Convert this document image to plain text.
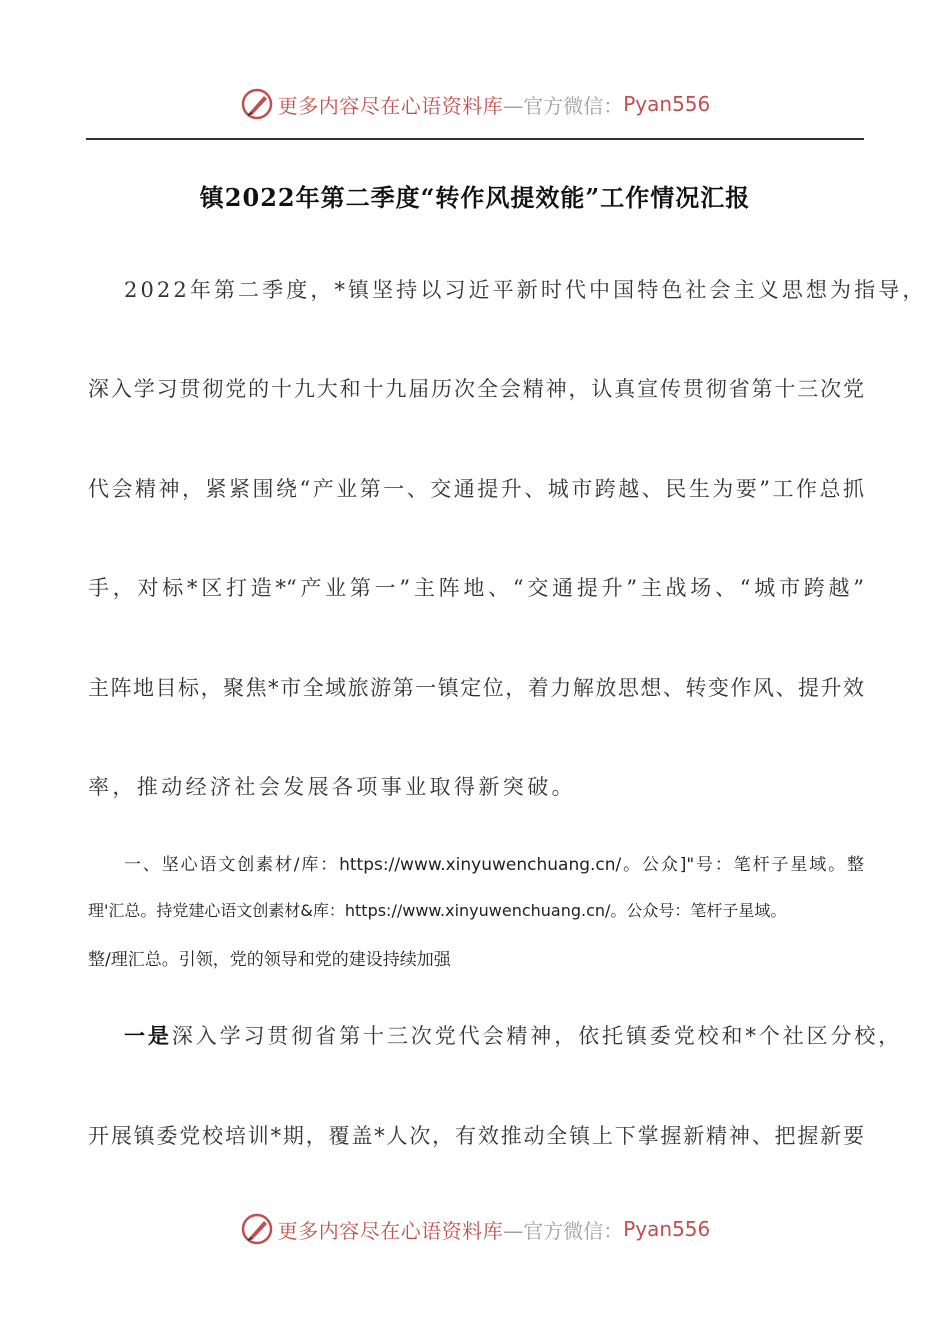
更多内容尽在心语资料库 —官方微信： Pyan556
镇2022年第二季度“转作风提效能”工作情况汇报
2022年第二季度，*镇坚持以习近平新时代中国特色社会主义思想为指导，
深入学习贯彻党的十九大和十九届历次全会精神，认真宣传贯彻省第十三次党
代会精神，紧紧围绕“产业第一、交通提升、城市跨越、民生为要”工作总抓
手，对标*区打造*“产业第一”主阵地、“交通提升”主战场、“城市跨越”
主阵地目标，聚焦*市全域旅游第一镇定位，着力解放思想、转变作风、提升效
率，推动经济社会发展各项事业取得新突破。
一、坚心语文创素材/库：https://www.xinyuwenchuang.cn/。公众]"号：笔杆子星域。整
理'汇总。持党建心语文创素材&库：https://www.xinyuwenchuang.cn/。公众号：笔杆子星域。
整/理汇总。引领，党的领导和党的建设持续加强
一是深入学习贯彻省第十三次党代会精神，依托镇委党校和*个社区分校，
开展镇委党校培训*期，覆盖*人次，有效推动全镇上下掌握新精神、把握新要
更多内容尽在心语资料库 —官方微信： Pyan556
